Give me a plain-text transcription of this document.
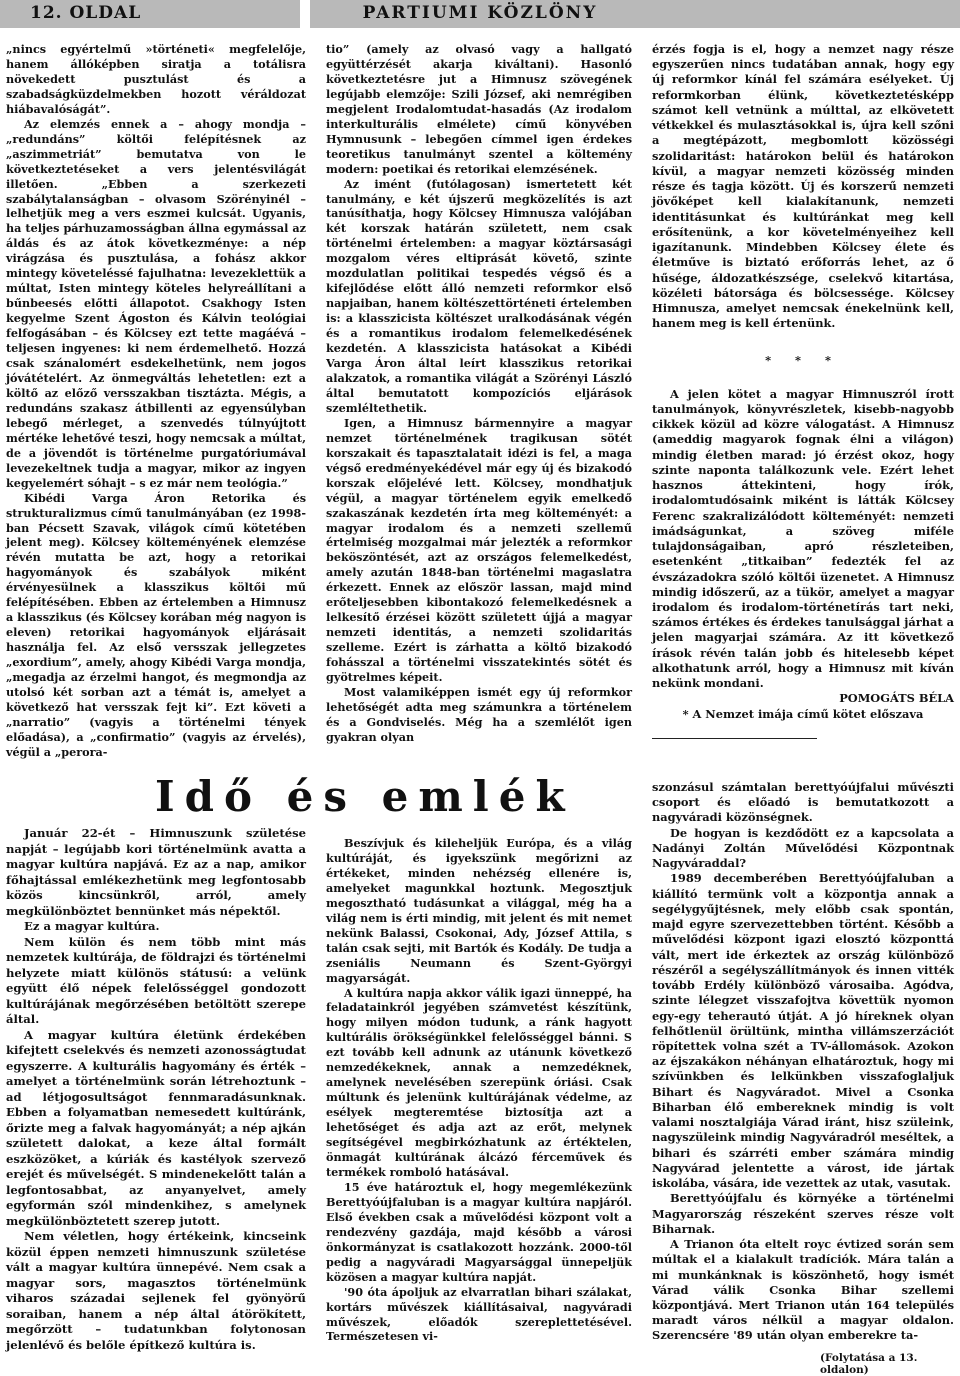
12. OLDAL	PARTIUMI KÖZLÖNY

„nincs egyértelmű »történeti« megfelelője, hanem állóképben siratja a totálisra növekedett pusztulást és a szabadságküzdelmekben hozott véráldozat hiábavalóságát”.

Az elemzés ennek a – ahogy mondja – „redundáns” költői felépítésnek az „aszimmetriát” bemutatva von le következtetéseket a vers jelentésvilágát illetően. „Ebben a szerkezeti szabálytalanságban – olvasom Szörényinél – lelhetjük meg a vers eszmei kulcsát. Ugyanis, ha teljes párhuzamosságban állna egymással az áldás és az átok következménye: a nép virágzása és pusztulása, a fohász akkor mintegy követeléssé fajulhatna: levezeklettük a múltat, Isten mintegy köteles helyreállítani a bűnbeesés előtti állapotot. Csakhogy Isten kegyelme Szent Ágoston és Kálvin teológiai felfogásában – és Kölcsey ezt tette magáévá – teljesen ingyenes: ki nem érdemelhető. Hozzá csak szánalomért esdekelhetünk, nem jogos jóvátételért. Az önmegváltás lehetetlen: ezt a költő az előző versszakban tisztázta. Mégis, a redundáns szakasz átbillenti az egyensúlyban lebegő mérleget, a szenvedés túlnyújtott mértéke lehetővé teszi, hogy nemcsak a múltat, de a jövendőt is történelme purgatóriumával levezekeltnek tudja a magyar, mikor az ingyen kegyelemért sóhajt – s ez már nem teológia.”

Kibédi Varga Áron Retorika és strukturalizmus című tanulmányában (ez 1998-ban Pécsett Szavak, világok című kötetében jelent meg). Kölcsey költeményének elemzése révén mutatta be azt, hogy a retorikai hagyományok és szabályok miként érvényesülnek a klasszikus költői mű felépítésében. Ebben az értelemben a Himnusz a klasszikus (és Kölcsey korában még nagyon is eleven) retorikai hagyományok eljárásait használja fel. Az első versszak jellegzetes „exordium”, amely, ahogy Kibédi Varga mondja, „megadja az érzelmi hangot, és megmondja az utolsó két sorban azt a témát is, amelyet a következő hat versszak fejt ki”. Ezt követi a „narratio” (vagyis a történelmi tények előadása), a „confirmatio” (vagyis az érvelés), végül a „perora-

tio” (amely az olvasó vagy a hallgató együttérzését akarja kiváltani). Hasonló következtetésre jut a Himnusz szövegének legújabb elemzője: Szili József, aki nemrégiben megjelent Irodalomtudat-hasadás (Az irodalom interkulturális elmélete) című könyvében Hymnusunk – lebegően címmel igen érdekes teoretikus tanulmányt szentel a költemény modern: poetikai és retorikai elemzésének.

Az imént (futólagosan) ismertetett két tanulmány, e két újszerű megközelítés is azt tanúsíthatja, hogy Kölcsey Himnusza valójában két korszak határán született, nem csak történelmi értelemben: a magyar köztársasági mozgalom véres eltiprását követő, szinte mozdulatlan politikai tespedés végső és a kifejlődése előtt álló nemzeti reformkor első napjaiban, hanem költészettörténeti értelemben is: a klasszicista költészet uralkodásának végén és a romantikus irodalom felemelkedésének kezdetén. A klasszicista hatásokat a Kibédi Varga Áron által leírt klasszikus retorikai alakzatok, a romantika világát a Szörényi László által bemutatott kompozíciós eljárások szemléltethetik.

Igen, a Himnusz bármennyire a magyar nemzet történelmének tragikusan sötét korszakait és tapasztalatait idézi is fel, a maga végső eredményekédével már egy új és bizakodó korszak előjelévé lett. Kölcsey, mondhatjuk végül, a magyar történelem egyik emelkedő szakaszának kezdetén írta meg költeményét: a magyar irodalom és a nemzeti szellemű értelmiség mozgalmai már jelezték a reformkor beköszöntését, azt az országos felemelkedést, amely azután 1848-ban történelmi magaslatra érkezett. Ennek az először lassan, majd mind erőteljesebben kibontakozó felemelkedésnek a lelkesítő érzései között született újjá a magyar nemzeti identitás, a nemzeti szolidaritás szelleme. Ezért is zárhatta a költő bizakodó fohásszal a történelmi visszatekintés sötét és gyötrelmes képeit.

Most valamiképpen ismét egy új reformkor lehetőségét adta meg számunkra a történelem és a Gondviselés. Még ha a szemlélőt igen gyakran olyan

érzés fogja is el, hogy a nemzet nagy része egyszerűen nincs tudatában annak, hogy egy új reformkor kínál fel számára esélyeket. Új reformkorban élünk, következtetésképp számot kell vetnünk a múlttal, az elkövetett vétkekkel és mulasztásokkal is, újra kell szőni a megtépázott, megbomlott közösségi szolidaritást: határokon belül és határokon kívül, a magyar nemzeti közösség minden része és tagja között. Új és korszerű nemzeti jövőképet kell kialakítanunk, nemzeti identitásunkat és kultúránkat meg kell erősítenünk, a kor követelményeihez kell igazítanunk. Mindebben Kölcsey élete és életműve is biztató erőforrás lehet, az ő hűsége, áldozatkészsége, cselekvő kitartása, közéleti bátorsága és bölcsessége. Kölcsey Himnusza, amelyet nemcsak énekelnünk kell, hanem meg is kell értenünk.

* * *

A jelen kötet a magyar Himnuszról írott tanulmányok, könyvrészletek, kisebb-nagyobb cikkek közül ad közre válogatást. A Himnusz (ameddig magyarok fognak élni a világon) mindig életben marad: jó érzést okoz, hogy szinte naponta találkozunk vele. Ezért lehet hasznos áttekinteni, hogy írók, irodalomtudósaink miként is látták Kölcsey Ferenc szakralizálódott költeményét: nemzeti imádságunkat, a szöveg miféle tulajdonságaiban, apró részleteiben, esetenként „titkaiban” fedezték fel az évszázadokra szóló költői üzenetet. A Himnusz mindig időszerű, az a tükör, amelyet a magyar irodalom és irodalom-történetírás tart neki, számos értékes és érdekes tanulsággal járhat a jelen magyarjai számára. Az itt következő írások révén talán jobb és hitelesebb képet alkothatunk arról, hogy a Himnusz mit kíván nekünk mondani.

POMOGÁTS BÉLA

* A Nemzet imája című kötet előszava

Idő és emlék

Január 22-ét – Himnuszunk születése napját – legújabb kori történelmünk avatta a magyar kultúra napjává. Ez az a nap, amikor főhajtással emlékezhetünk meg legfontosabb közös kincsünkről, arról, amely megkülönböztet bennünket más népektől.

Ez a magyar kultúra.

Nem külön és nem több mint más nemzetek kultúrája, de földrajzi és történelmi helyzete miatt különös státusú: a velünk együtt élő népek felelősséggel gondozott kultúrájának megőrzésében betöltött szerepe által.

A magyar kultúra életünk érdekében kifejtett cselekvés és nemzeti azonosságtudat egyszerre. A kulturális hagyomány és érték – amelyet a történelmünk során létrehoztunk – ad létjogosultságot fennmaradásunknak. Ebben a folyamatban nemesedett kultúránk, őrizte meg a falvak hagyományát; a nép ajkán született dalokat, a keze által formált eszközöket, a kúriák és kastélyok szervező erejét és művelségét. S mindenekelőtt talán a legfontosabbat, az anyanyelvet, amely egyformán szól mindenkihez, s amelynek megkülönböztetett szerep jutott.

Nem véletlen, hogy értékeink, kincseink közül éppen nemzeti himnuszunk születése vált a magyar kultúra ünnepévé. Nem csak a magyar sors, magasztos történelmünk viharos századai sejlenek fel gyönyörű soraiban, hanem a nép által átörökített, megőrzött – tudatunkban folytonosan jelenlévő és belőle építkező kultúra is.

Beszívjuk és kileheljük Európa, és a világ kultúráját, és igyekszünk megőrizni az értékeket, minden nehézség ellenére is, amelyeket magunkkal hoztunk. Megosztjuk megosztható tudásunkat a világgal, még ha a világ nem is érti mindig, mit jelent és mit nemet nekünk Balassi, Csokonai, Ady, József Attila, s talán csak sejti, mit Bartók és Kodály. De tudja a zseniális Neumann és Szent-Györgyi magyarságát.

A kultúra napja akkor válik igazi ünneppé, ha feladatainkról jegyében számvetést készítünk, hogy milyen módon tudunk, a ránk hagyott kultúrális örökségünkkel felelősséggel bánni. S ezt tovább kell adnunk az utánunk következő nemzedékeknek, annak a nemzedéknek, amelynek nevelésében szerepünk óriási. Csak múltunk és jelenünk kultúrájának védelme, az esélyek megteremtése biztosítja azt a lehetőséget és adja azt az erőt, melynek segítségével megbirkózhatunk az értéktelen, önmagát kultúrának álcázó férceművek és termékek romboló hatásával.

15 éve határoztuk el, hogy megemlékezünk Berettyóújfaluban is a magyar kultúra napjáról. Első években csak a művelődési központ volt a rendezvény gazdája, majd később a városi önkormányzat is csatlakozott hozzánk. 2000-től pedig a nagyváradi Magyarsággal ünnepeljük közösen a magyar kultúra napját.

'90 óta ápoljuk az elvarratlan bihari szálakat, kortárs művészek kiállításaival, nagyváradi művészek, előadók szereplettetésével. Természetesen vi-

szonzásul számtalan berettyóújfalui művészti csoport és előadó is bemutatkozott a nagyváradi közönségnek.

De hogyan is kezdődött ez a kapcsolata a Nadányi Zoltán Művelődési Központnak Nagyváraddal?

1989 decemberében Berettyóújfaluban a kiállító termünk volt a központja annak a segélygyűjtésnek, mely előbb csak spontán, majd egyre szervezettebben történt. Később a művelődési központ igazi elosztó központtá vált, mert ide érkeztek az ország különböző részéről a segélyszállítmányok és innen vitték tovább Erdély különböző városaiba. Agódva, szinte lélegzet visszafojtva követtük nyomon egy-egy teherautó útját. A jó híreknek olyan felhőtlenül örültünk, mintha villámszerzációt röpítettek volna szét a TV-állomások. Azokon az éjszakákon néhányan elhatároztuk, hogy mi szívünkben és lelkünkben visszafoglaljuk Bihart és Nagyváradot. Mivel a Csonka Biharban élő embereknek mindig is volt valami nosztalgiája Várad iránt, hisz szüleink, nagyszüleink mindig Nagyváradról meséltek, a bihari és szárréti ember számára mindig Nagyvárad jelentette a várost, ide jártak iskolába, vására, ide vezettek az utak, vasutak.

Berettyóújfalu és környéke a történelmi Magyarország részeként szerves része volt Biharnak.

A Trianon óta eltelt royc évtized során sem múltak el a kialakult tradíciók. Mára talán a mi munkánknak is köszönhető, hogy ismét Várad válik Csonka Bihar szellemi központjává. Mert Trianon után 164 település maradt város nélkül a magyar oldalon. Szerencsére '89 után olyan emberekre ta-

(Folytatása a 13. oldalon)
